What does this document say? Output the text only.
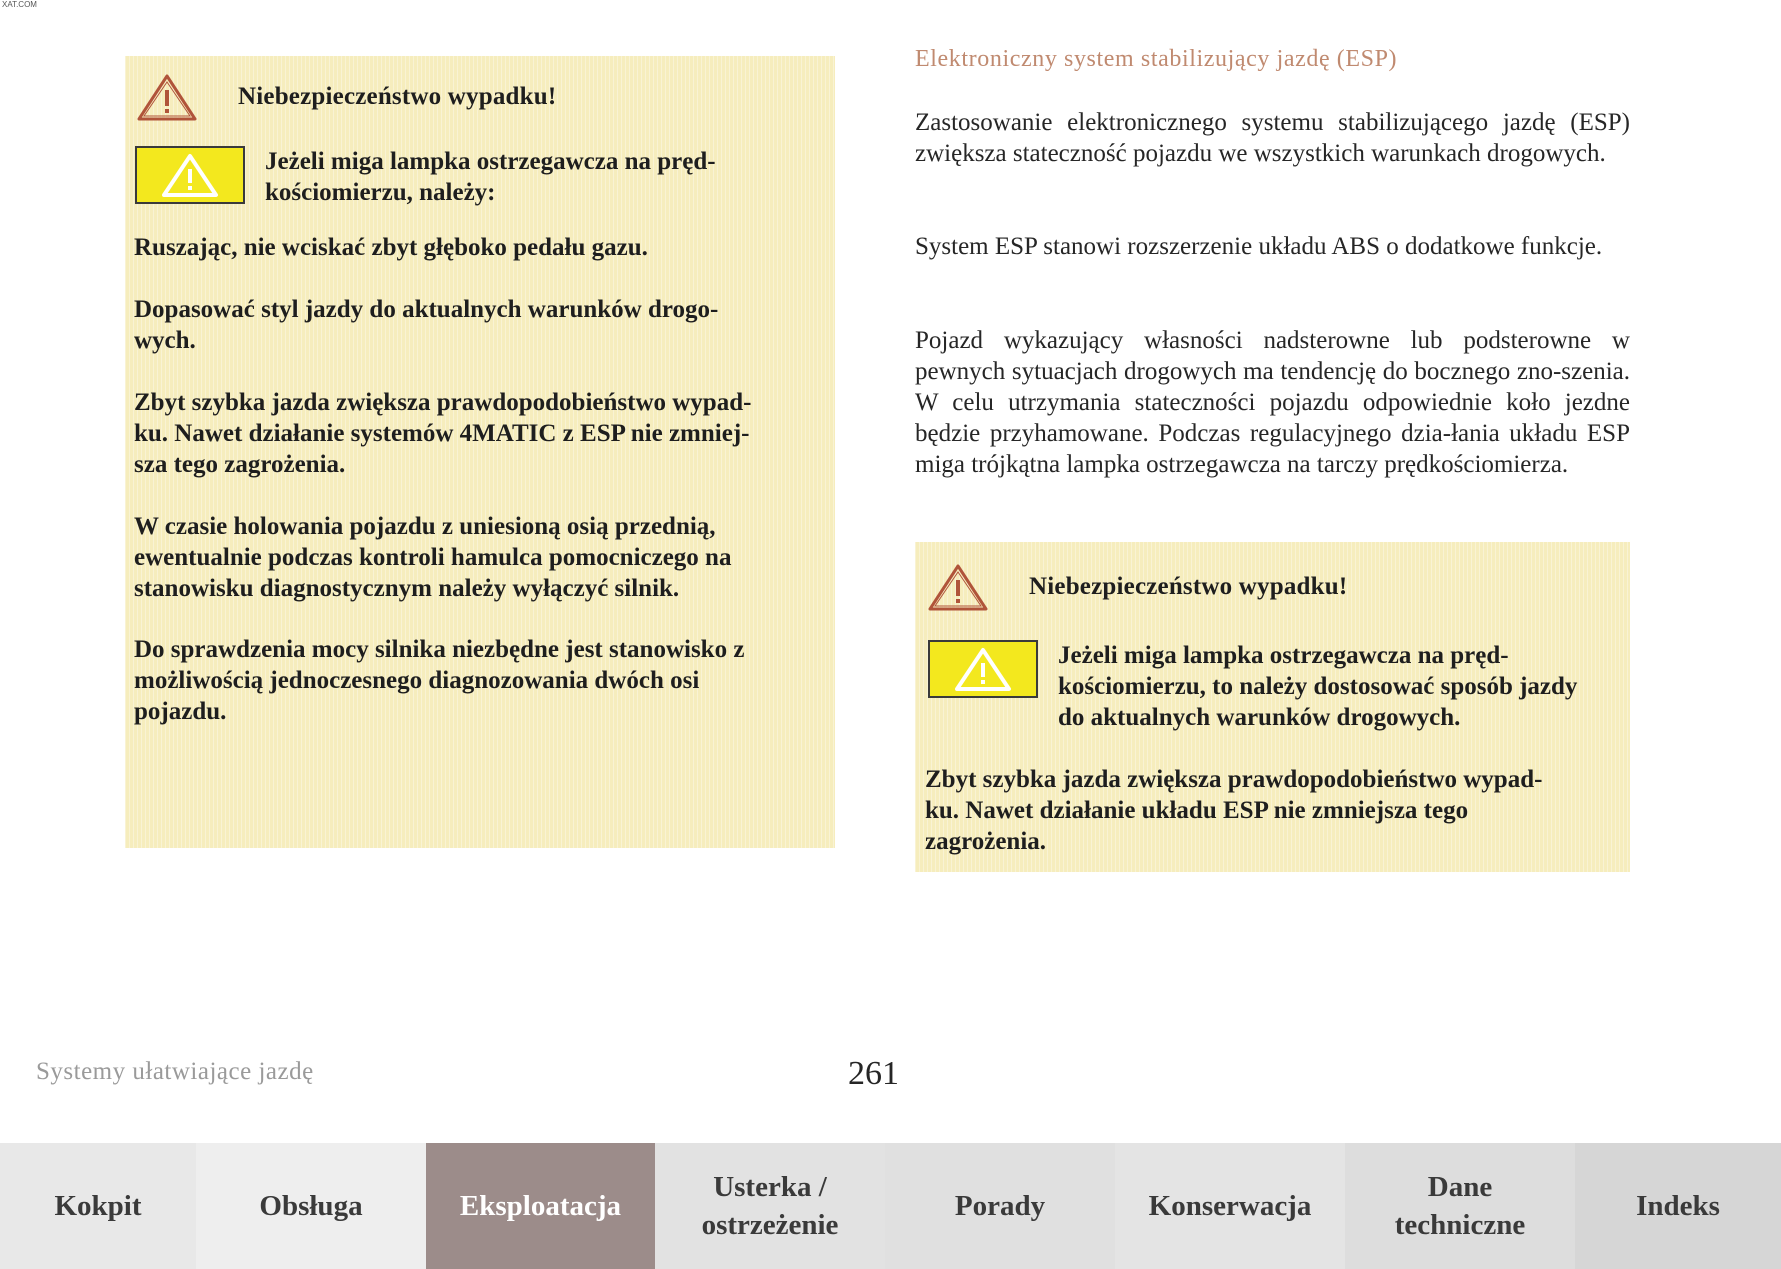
XAT.COM
Niebezpieczeństwo wypadku!
Jeżeli miga lampka ostrzegawcza na pręd-
kościomierzu, należy:

Ruszając, nie wciskać zbyt głęboko pedału gazu.

Dopasować styl jazdy do aktualnych warunków drogo-
wych.

Zbyt szybka jazda zwiększa prawdopodobieństwo wypad-
ku. Nawet działanie systemów 4MATIC z ESP nie zmniej-
sza tego zagrożenia.

W czasie holowania pojazdu z uniesioną osią przednią,
ewentualnie podczas kontroli hamulca pomocniczego na
stanowisku diagnostycznym należy wyłączyć silnik.

Do sprawdzenia mocy silnika niezbędne jest stanowisko z
możliwością jednoczesnego diagnozowania dwóch osi
pojazdu.

Elektroniczny system stabilizujący jazdę (ESP)

Zastosowanie elektronicznego systemu stabilizującego jazdę (ESP) zwiększa stateczność pojazdu we wszystkich warunkach drogowych.

System ESP stanowi rozszerzenie układu ABS o dodatkowe funkcje.

Pojazd wykazujący własności nadsterowne lub podsterowne w pewnych sytuacjach drogowych ma tendencję do bocznego zno-szenia. W celu utrzymania stateczności pojazdu odpowiednie koło jezdne będzie przyhamowane. Podczas regulacyjnego dzia-łania układu ESP miga trójkątna lampka ostrzegawcza na tarczy prędkościomierza.

Niebezpieczeństwo wypadku!
Jeżeli miga lampka ostrzegawcza na pręd-
kościomierzu, to należy dostosować sposób jazdy
do aktualnych warunków drogowych.

Zbyt szybka jazda zwiększa prawdopodobieństwo wypad-
ku. Nawet działanie układu ESP nie zmniejsza tego
zagrożenia.

Systemy ułatwiające jazdę	261
Kokpit	Obsługa	Eksploatacja
Usterka /
ostrzeżenie
Porady	Konserwacja
Dane
techniczne
Indeks
